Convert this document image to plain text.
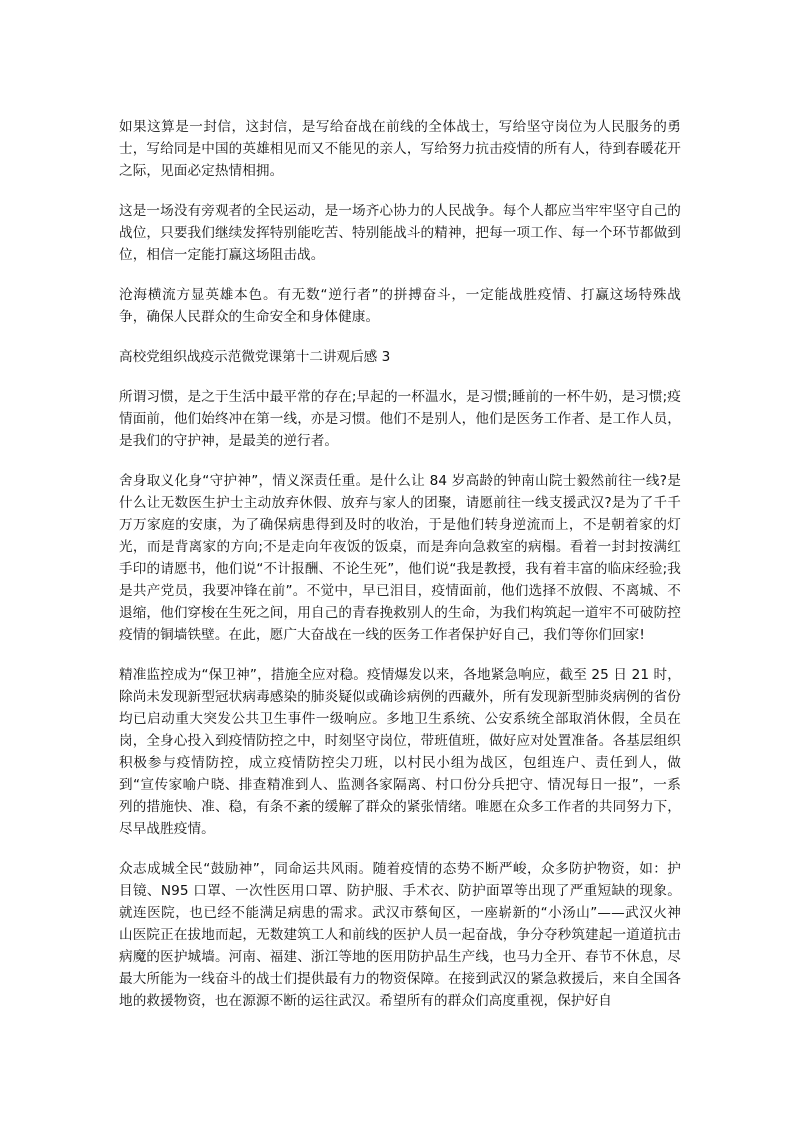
如果这算是一封信，这封信，是写给奋战在前线的全体战士，写给坚守岗位为人民服务的勇士，写给同是中国的英雄相见而又不能见的亲人，写给努力抗击疫情的所有人，待到春暖花开之际，见面必定热情相拥。

这是一场没有旁观者的全民运动，是一场齐心协力的人民战争。每个人都应当牢牢坚守自己的战位，只要我们继续发挥特别能吃苦、特别能战斗的精神，把每一项工作、每一个环节都做到位，相信一定能打赢这场阻击战。

沧海横流方显英雄本色。有无数“逆行者”的拼搏奋斗，一定能战胜疫情、打赢这场特殊战争，确保人民群众的生命安全和身体健康。

高校党组织战疫示范微党课第十二讲观后感 3

所谓习惯，是之于生活中最平常的存在;早起的一杯温水，是习惯;睡前的一杯牛奶，是习惯;疫情面前，他们始终冲在第一线，亦是习惯。他们不是别人，他们是医务工作者、是工作人员，是我们的守护神，是最美的逆行者。

舍身取义化身“守护神”，情义深责任重。是什么让 84 岁高龄的钟南山院士毅然前往一线?是什么让无数医生护士主动放弃休假、放弃与家人的团聚，请愿前往一线支援武汉?是为了千千万万家庭的安康，为了确保病患得到及时的收治，于是他们转身逆流而上，不是朝着家的灯光，而是背离家的方向;不是走向年夜饭的饭桌，而是奔向急救室的病榻。看着一封封按满红手印的请愿书，他们说“不计报酬、不论生死”，他们说“我是教授，我有着丰富的临床经验;我是共产党员，我要冲锋在前”。不觉中，早已泪目，疫情面前，他们选择不放假、不离城、不退缩，他们穿梭在生死之间，用自己的青春挽救别人的生命，为我们构筑起一道牢不可破防控疫情的铜墙铁壁。在此，愿广大奋战在一线的医务工作者保护好自己，我们等你们回家!

精准监控成为“保卫神”，措施全应对稳。疫情爆发以来，各地紧急响应，截至 25 日 21 时，除尚未发现新型冠状病毒感染的肺炎疑似或确诊病例的西藏外，所有发现新型肺炎病例的省份均已启动重大突发公共卫生事件一级响应。多地卫生系统、公安系统全部取消休假，全员在岗，全身心投入到疫情防控之中，时刻坚守岗位，带班值班，做好应对处置准备。各基层组织积极参与疫情防控，成立疫情防控尖刀班，以村民小组为战区，包组连户、责任到人，做到“宣传家喻户晓、排查精准到人、监测各家隔离、村口份分兵把守、情况每日一报”，一系列的措施快、准、稳，有条不紊的缓解了群众的紧张情绪。唯愿在众多工作者的共同努力下，尽早战胜疫情。

众志成城全民“鼓励神”，同命运共风雨。随着疫情的态势不断严峻，众多防护物资，如：护目镜、N95 口罩、一次性医用口罩、防护服、手术衣、防护面罩等出现了严重短缺的现象。就连医院，也已经不能满足病患的需求。武汉市蔡甸区，一座崭新的“小汤山”——武汉火神山医院正在拔地而起，无数建筑工人和前线的医护人员一起奋战，争分夺秒筑建起一道道抗击病魔的医护城墙。河南、福建、浙江等地的医用防护品生产线，也马力全开、春节不休息，尽最大所能为一线奋斗的战士们提供最有力的物资保障。在接到武汉的紧急救援后，来自全国各地的救援物资，也在源源不断的运往武汉。希望所有的群众们高度重视，保护好自
